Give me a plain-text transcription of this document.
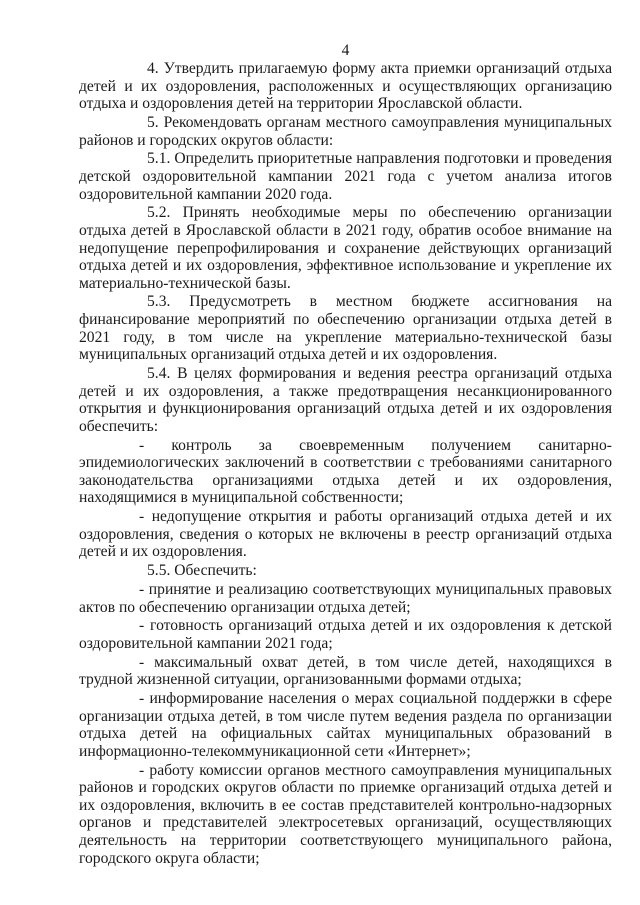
4

4. Утвердить прилагаемую форму акта приемки организаций отдыха детей и их оздоровления, расположенных и осуществляющих организацию отдыха и оздоровления детей на территории Ярославской области.

5. Рекомендовать органам местного самоуправления муниципальных районов и городских округов области:

5.1. Определить приоритетные направления подготовки и проведения детской оздоровительной кампании 2021 года с учетом анализа итогов оздоровительной кампании 2020 года.

5.2. Принять необходимые меры по обеспечению организации отдыха детей в Ярославской области в 2021 году, обратив особое внимание на недопущение перепрофилирования и сохранение действующих организаций отдыха детей и их оздоровления, эффективное использование и укрепление их материально-технической базы.

5.3. Предусмотреть в местном бюджете ассигнования на финансирование мероприятий по обеспечению организации отдыха детей в 2021 году, в том числе на укрепление материально-технической базы муниципальных организаций отдыха детей и их оздоровления.

5.4. В целях формирования и ведения реестра организаций отдыха детей и их оздоровления, а также предотвращения несанкционированного открытия и функционирования организаций отдыха детей и их оздоровления обеспечить:

- контроль за своевременным получением санитарно-эпидемиологических заключений в соответствии с требованиями санитарного законодательства организациями отдыха детей и их оздоровления, находящимися в муниципальной собственности;

- недопущение открытия и работы организаций отдыха детей и их оздоровления, сведения о которых не включены в реестр организаций отдыха детей и их оздоровления.

5.5. Обеспечить:

- принятие и реализацию соответствующих муниципальных правовых актов по обеспечению организации отдыха детей;

- готовность организаций отдыха детей и их оздоровления к детской оздоровительной кампании 2021 года;

- максимальный охват детей, в том числе детей, находящихся в трудной жизненной ситуации, организованными формами отдыха;

- информирование населения о мерах социальной поддержки в сфере организации отдыха детей, в том числе путем ведения раздела по организации отдыха детей на официальных сайтах муниципальных образований в информационно-телекоммуникационной сети «Интернет»;

- работу комиссии органов местного самоуправления муниципальных районов и городских округов области по приемке организаций отдыха детей и их оздоровления, включить в ее состав представителей контрольно-надзорных органов и представителей электросетевых организаций, осуществляющих деятельность на территории соответствующего муниципального района, городского округа области;
